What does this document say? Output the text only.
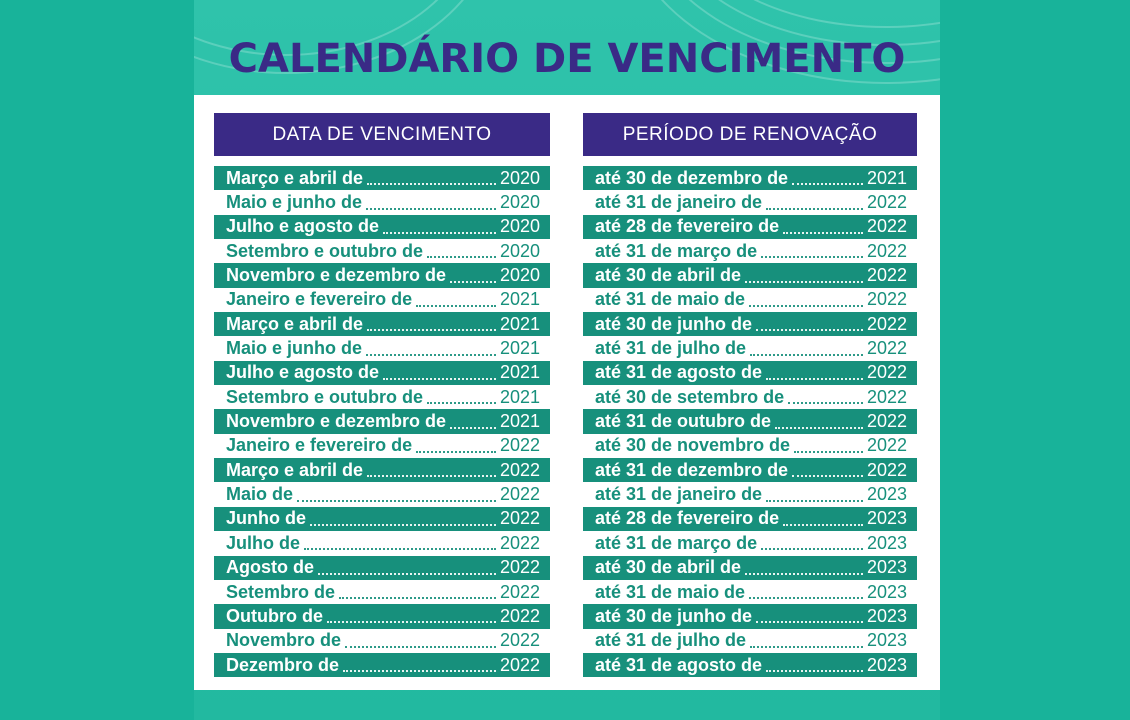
CALENDÁRIO DE VENCIMENTO
DATA DE VENCIMENTO
Março e abril de	2020
Maio e junho de	2020
Julho e agosto de	2020
Setembro e outubro de	2020
Novembro e dezembro de	2020
Janeiro e fevereiro de	2021
Março e abril de	2021
Maio e junho de	2021
Julho e agosto de	2021
Setembro e outubro de	2021
Novembro e dezembro de	2021
Janeiro e fevereiro de	2022
Março e abril de	2022
Maio de	2022
Junho de	2022
Julho de	2022
Agosto de	2022
Setembro de	2022
Outubro de	2022
Novembro de	2022
Dezembro de	2022
PERÍODO DE RENOVAÇÃO
até 30 de dezembro de	2021
até 31 de janeiro de	2022
até 28 de fevereiro de	2022
até 31 de março de	2022
até 30 de abril de	2022
até 31 de maio de	2022
até 30 de junho de	2022
até 31 de julho de	2022
até 31 de agosto de	2022
até 30 de setembro de	2022
até 31 de outubro de	2022
até 30 de novembro de	2022
até 31 de dezembro de	2022
até 31 de janeiro de	2023
até 28 de fevereiro de	2023
até 31 de março de	2023
até 30 de abril de	2023
até 31 de maio de	2023
até 30 de junho de	2023
até 31 de julho de	2023
até 31 de agosto de	2023
